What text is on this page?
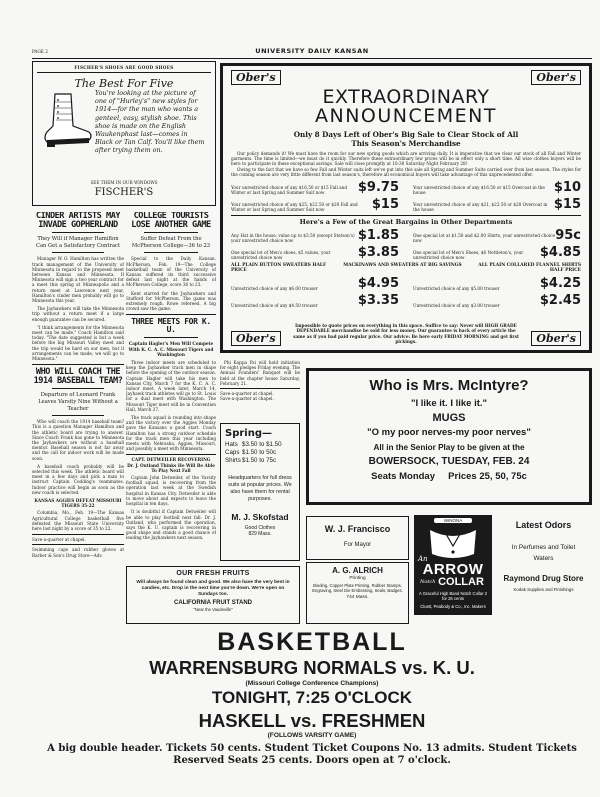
PAGE 2	UNIVERSITY DAILY KANSAN
FISCHER'S SHOES ARE GOOD SHOES
The Best For Five
You're looking at the picture of one of "Hurley's" new styles for 1914—for the man who wants a genteel, easy, stylish shoe. This shoe is made on the English Waukenphast last—comes in Black or Tan Calf. You'll like them after trying them on.
SEE THEM IN OUR WINDOWS
FISCHER'S
CINDER ARTISTS MAY INVADE GOPHERLAND
They Will if Manager Hamilton Can Get a Satisfactory Contract

Manager W. O. Hamilton has written the track management of the University of Minnesota in regard to the proposed meet between Kansas and Minnesota. If Minnesota will sign a two year contract for a meet this spring at Minneapolis and a return meet at Lawrence next year, Hamilton's cinder men probably will go to Minnesota this year.

The Jayhawkers will take the Minnesota trip without a return meet if a large enough guarantee can be secured.

"I think arrangements for the Minnesota meet can be made," Coach Hamilton said today. "The date suggested is but a week before the big Missouri Valley meet and the trip would be hard on our men, but if arrangements can be made, we will go to Minnesota."

WHO WILL COACH THE 1914 BASEBALL TEAM?
Departure of Leonard Frank Leaves Varsity Nine Without a Teacher

Who will coach the 1914 baseball team? This is a question Manager Hamilton and the athletic board are trying to answer. Since Coach Frank has gone to Minnesota the Jayhawkers are without a baseball mentor. Baseball season is not far away and the call for indoor work will be made soon.

A baseball coach probably will be selected this week. The athletic board will meet in a few days and pick a man to instruct Captain Codding's teammates. Indoor practice will begin as soon as the new coach is selected.

KANSAS AGGIES DEFEAT MISSOURI TIGERS 35-22

Columbia, Mo., Feb. 19—The Kansas Agricultural College basketball five defeated the Missouri State University here last night by a score of 35 to 22.

Save-a-quarter at chapel.
Swimming caps and rubber gloves at Barber & Son's Drug Store—Adv.
COLLEGE TOURISTS LOSE ANOTHER GAME
Suffer Defeat From the McPherson College—36 to 23

Special to the Daily Kansan. McPherson, Feb. 19—The College basketball team of the University of Kansas suffered its third successive defeat last night at the hands of McPherson College, score 36 to 23.

Kent starred for the Jayhawkers and Stafford for McPherson. The game was extremely rough. Rowe refereed. A big crowd saw the game.

THREE MEETS FOR K. U.
Captain Hagler's Men Will Compete With K. C. A. C. Missouri Tigers and Washington

Three indoor meets are scheduled to keep the Jayhawker track men in shape before the opening of the outdoor season. Captain Hagler will take his men to Kansas City, March 7 for the K. C. A. C. indoor meet. A week later, March 14, Jayhawk track athletes will go to St. Louis for a dual meet with Washington. The Missouri Tiger meet will be in Convention Hall, March 27.

The track squad is rounding into shape and the victory over the Aggies Monday gave the Kansans a good start. Coach Hamilton has a strong outdoor schedule for the track men this year including meets with Nebraska, Aggies, Missouri, and possibly a meet with Minnesota.

CAPT. DETWEILER RECOVERING
Dr. J. Outland Thinks He Will Be Able To Play Next Fall

Captain John Detweiler, of the Varsity football squad, is recovering from the operation last week at the Swedish hospital in Kansas City. Detweiler is able to move about and expects to leave the hospital in ten days.

It is doubtful if Captain Detweiler will be able to play football next fall. Dr. J. Outland, who performed the operation, says the K. U. captain is recovering in good shape and stands a good chance of leading the Jayhawkers next season.

Ober's	Ober's
EXTRAORDINARY
ANNOUNCEMENT
Only 8 Days Left of Ober's Big Sale to Clear Stock of All
This Season's Merchandise
Our policy demands it! We must have the room for our new spring goods which are arriving daily. It is imperative that we clear our stock of all Fall and Winter garments. The time is limited—we must do it quickly. Therefore these extraordinary low prices will be in effect only a short time. All wise clothes buyers will be here to participate in these exceptional savings. Sale will close promptly at 10:30 Saturday Night February 28!
Owing to the fact that we have so few Fall and Winter suits left we've put into this sale all Spring and Summer Suits carried over from last season. The styles for the coming season are very little different from last season's, therefore all economical buyers will take advantage of this unprecedented offer.
Your unrestricted choice of any $16.50 or $15 Fall and Winter or last Spring and Summer Suit now	$9.75	Your unrestricted choice of any $16.50 or $15 Overcoat in the house	$10
Your unrestricted choice of any $25, $22.50 or $20 Fall and Winter or last Spring and Summer Suit now	$15	Your unrestricted choice of any $21, $22.50 or $20 Overcoat in the house	$15
Here's a Few of the Great Bargains in Other Departments
Any Hat in the house, value up to $3.50 (except Stetson's) your unrestricted choice now	$1.85	One special lot at $1.50 and $2.00 Shirts, your unrestricted choice now	95c
One special lot of Men's shoes, $5 values, your unrestricted choice now	$3.85	One special lot of Men's Shoes, $6 Nettleton's, your unrestricted choice now	$4.85
ALL PLAIN BUTTON SWEATERS HALF PRICE
MACKINAWS AND SWEATERS AT BIG SAVINGS	ALL PLAIN COLLARED FLANNEL SHIRTS HALF PRICE
Unrestricted choice of any $6.00 trouser	$4.95	Unrestricted choice of any $5.00 trouser	$4.25
Unrestricted choice of any $4.50 trouser	$3.35	Unrestricted choice of any $3.00 trouser	$2.45
Impossible to quote prices on everything in this space. Suffice to say: Never will HIGH GRADE DEPENDABLE merchandise be sold for less money. Our guarantee is back of every article the same as if you had paid regular price. Our advice: Be here early FRIDAY MORNING and get first pickings.
Ober's	Ober's
Phi Kappa Psi will hold initiation for eight pledges Friday evening. The Annual Founders' Banquet will be held at the chapter house Saturday, February 21.
Save-a-quarter at chapel.
Save-a-quarter at chapel.
Spring—
Hats $3.50 to $1.50
Caps $1.50 to 50c
Shirts$1.50 to 75c
Headquarters for full dress suits at popular prices. We also have them for rental purposes.
M. J. Skofstad
Good Clothes
829 Mass.
Who is Mrs. McIntyre?
"I like it. I like it."
MUGS
"O my poor nerves-my poor nerves"
All in the Senior Play to be given at the
BOWERSOCK, TUESDAY, FEB. 24
Seats Monday     Prices 25, 50, 75c
W. J. Francisco
For Mayor
A. G. ALRICH
Printing
Binding, Copper Plate Printing, Rubber Stamps, Engraving, Steel Die Embossing, Seals, Badges.
744 Mass.
WINONA
An
ARROW
Notch COLLAR
A Graceful High Band Notch Collar 2 for 25 cents
Cluett, Peabody & Co., Inc. Makers
Latest Odors
In Perfumes and Toilet
Waters
Raymond Drug Store
Kodak Supplies and Finishings
OUR FRESH FRUITS
Will always be found clean and good. We also have the very best in candies, etc. Drop in the next time you're down. We're open on Sundays too.
CALIFORNIA FRUIT STAND
"Near the Vaudeville"
BASKETBALL
WARRENSBURG NORMALS vs. K. U.
(Missouri College Conference Champions)
TONIGHT, 7:25 O'CLOCK
HASKELL vs. FRESHMEN
(FOLLOWS VARSITY GAME)
A big double header. Tickets 50 cents. Student Ticket Coupons No. 13 admits. Student Tickets
Reserved Seats 25 cents. Doors open at 7 o'clock.
